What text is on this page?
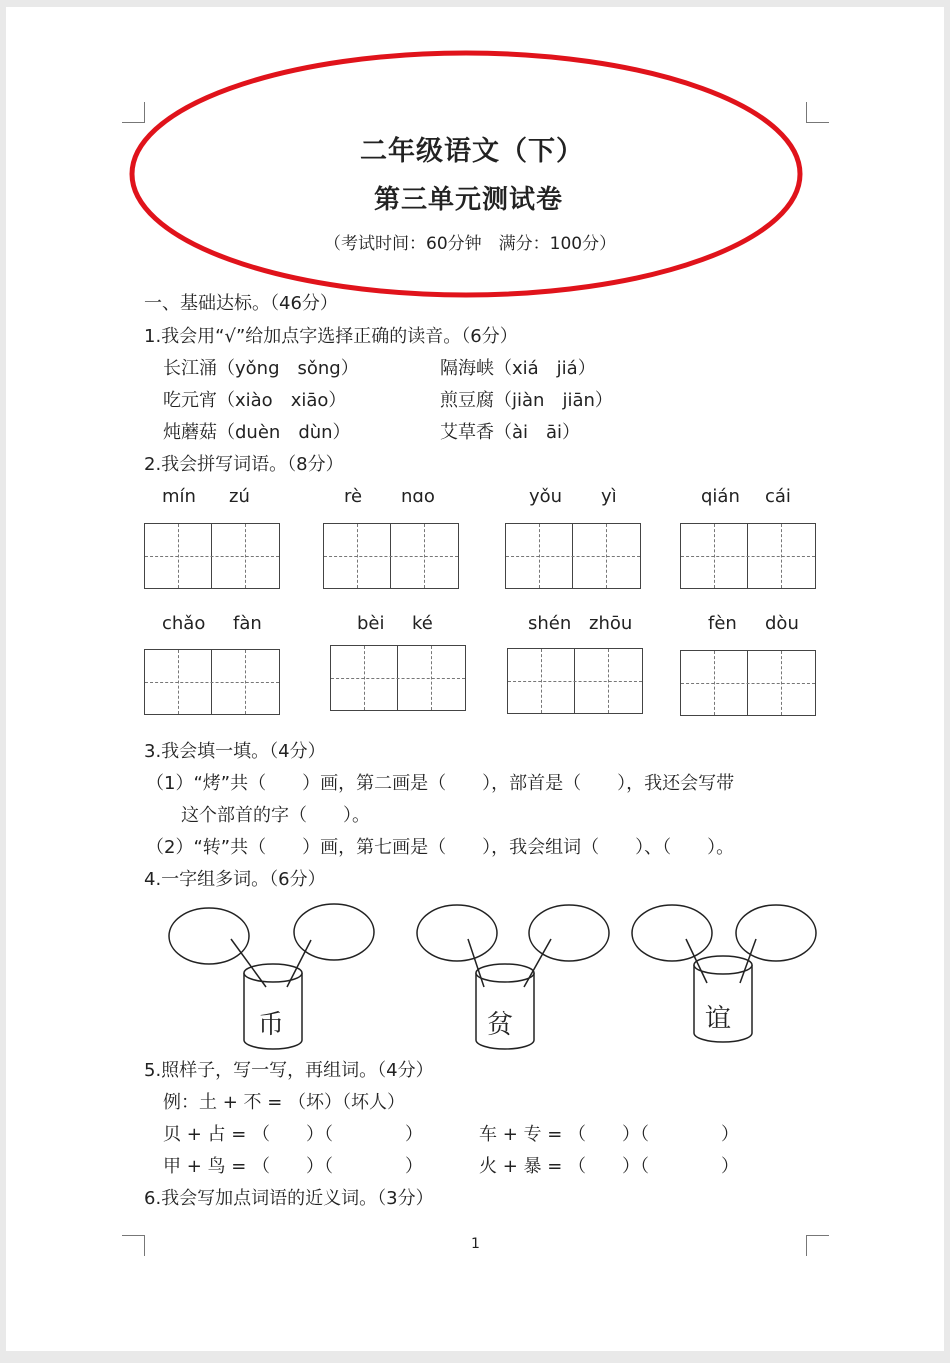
二年级语文（下）
第三单元测试卷
（考试时间：60分钟　满分：100分）
一、基础达标。（46分）
1.我会用“√”给加点字选择正确的读音。（6分）
长江涌（yǒng　sǒng）	隔海峡（xiá　jiá）
吃元宵（xiào　xiāo）	煎豆腐（jiàn　jiān）
炖蘑菇（duèn　dùn）	艾草香（ài　āi）
2.我会拼写词语。（8分）
mín zú	rè nɑo	yǒu yì	qián cái
chǎo fàn	bèi ké	shén zhōu	fèn dòu
3.我会填一填。（4分）
（1）“烤”共（　　）画，第二画是（　　），部首是（　　），我还会写带
这个部首的字（　　）。
（2）“转”共（　　）画，第七画是（　　），我会组词（　　）、（　　）。
4.一字组多词。（6分）
币	贫	谊
5.照样子，写一写，再组词。（4分）
例：土 + 不 = （坏）（坏人）
贝 + 占 = （　　）（　　　　）	车 + 专 = （　　）（　　　　）
甲 + 鸟 = （　　）（　　　　）	火 + 暴 = （　　）（　　　　）
6.我会写加点词语的近义词。（3分）
1
